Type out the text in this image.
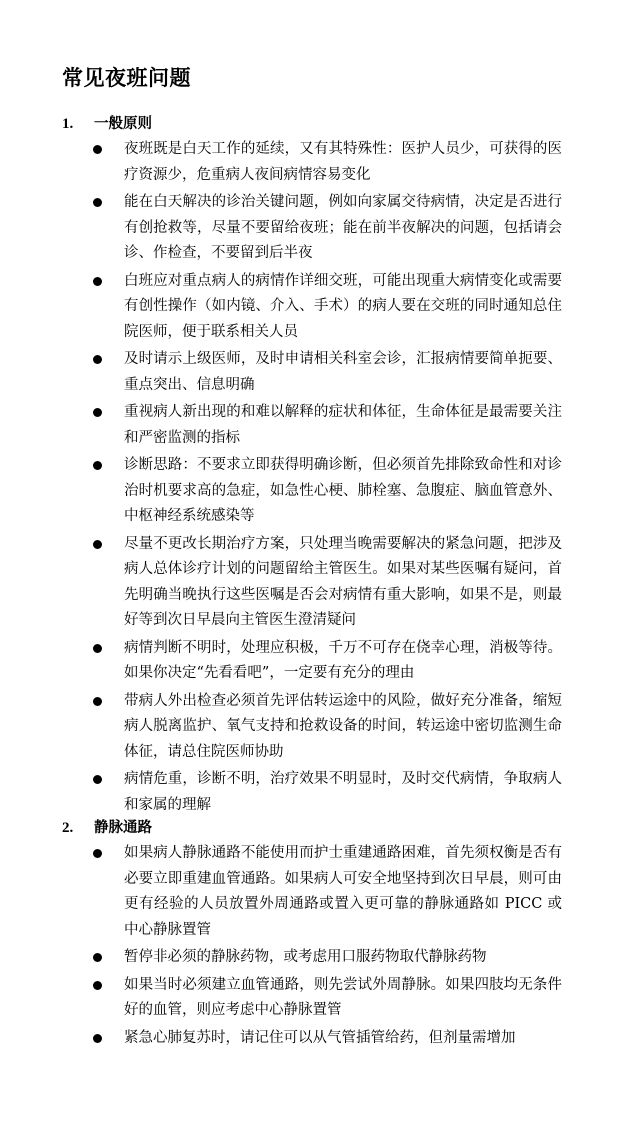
常见夜班问题
1. 一般原则
夜班既是白天工作的延续，又有其特殊性：医护人员少，可获得的医疗资源少，危重病人夜间病情容易变化
能在白天解决的诊治关键问题，例如向家属交待病情，决定是否进行有创抢救等，尽量不要留给夜班；能在前半夜解决的问题，包括请会诊、作检查，不要留到后半夜
白班应对重点病人的病情作详细交班，可能出现重大病情变化或需要有创性操作（如内镜、介入、手术）的病人要在交班的同时通知总住院医师，便于联系相关人员
及时请示上级医师，及时申请相关科室会诊，汇报病情要简单扼要、重点突出、信息明确
重视病人新出现的和难以解释的症状和体征，生命体征是最需要关注和严密监测的指标
诊断思路：不要求立即获得明确诊断，但必须首先排除致命性和对诊治时机要求高的急症，如急性心梗、肺栓塞、急腹症、脑血管意外、中枢神经系统感染等
尽量不更改长期治疗方案，只处理当晚需要解决的紧急问题，把涉及病人总体诊疗计划的问题留给主管医生。如果对某些医嘱有疑问，首先明确当晚执行这些医嘱是否会对病情有重大影响，如果不是，则最好等到次日早晨向主管医生澄清疑问
病情判断不明时，处理应积极，千万不可存在侥幸心理，消极等待。如果你决定“先看看吧”，一定要有充分的理由
带病人外出检查必须首先评估转运途中的风险，做好充分准备，缩短病人脱离监护、氧气支持和抢救设备的时间，转运途中密切监测生命体征，请总住院医师协助
病情危重，诊断不明，治疗效果不明显时，及时交代病情，争取病人和家属的理解
2. 静脉通路
如果病人静脉通路不能使用而护士重建通路困难，首先须权衡是否有必要立即重建血管通路。如果病人可安全地坚持到次日早晨，则可由更有经验的人员放置外周通路或置入更可靠的静脉通路如 PICC 或中心静脉置管
暂停非必须的静脉药物，或考虑用口服药物取代静脉药物
如果当时必须建立血管通路，则先尝试外周静脉。如果四肢均无条件好的血管，则应考虑中心静脉置管
紧急心肺复苏时，请记住可以从气管插管给药，但剂量需增加
